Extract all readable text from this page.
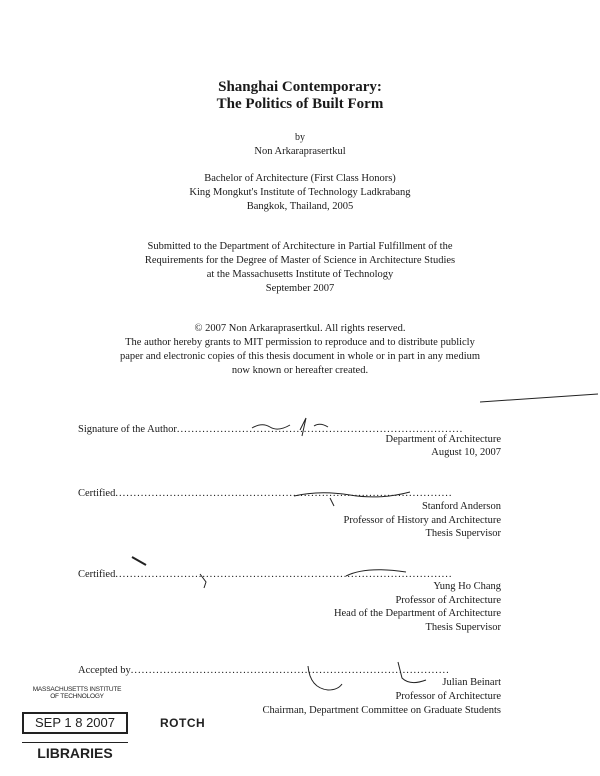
Shanghai Contemporary:
The Politics of Built Form
by
Non Arkaraprasertkul
Bachelor of Architecture (First Class Honors)
King Mongkut's Institute of Technology Ladkrabang
Bangkok, Thailand, 2005
Submitted to the Department of Architecture in Partial Fulfillment of the
Requirements for the Degree of Master of Science in Architecture Studies
at the Massachusetts Institute of Technology
September 2007
© 2007 Non Arkaraprasertkul. All rights reserved.
The author hereby grants to MIT permission to reproduce and to distribute publicly
paper and electronic copies of this thesis document in whole or in part in any medium
now known or hereafter created.
Signature of the Author...............................................................................
Department of Architecture
August 10, 2007
Certified.............................................................................................
Stanford Anderson
Professor of History and Architecture
Thesis Supervisor
Certified.............................................................................................
Yung Ho Chang
Professor of Architecture
Head of the Department of Architecture
Thesis Supervisor
Accepted by........................................................................................
Julian Beinart
Professor of Architecture
Chairman, Department Committee on Graduate Students
MASSACHUSETTS INSTITUTE
OF TECHNOLOGY
SEP 1 8 2007
LIBRARIES
ROTCH
